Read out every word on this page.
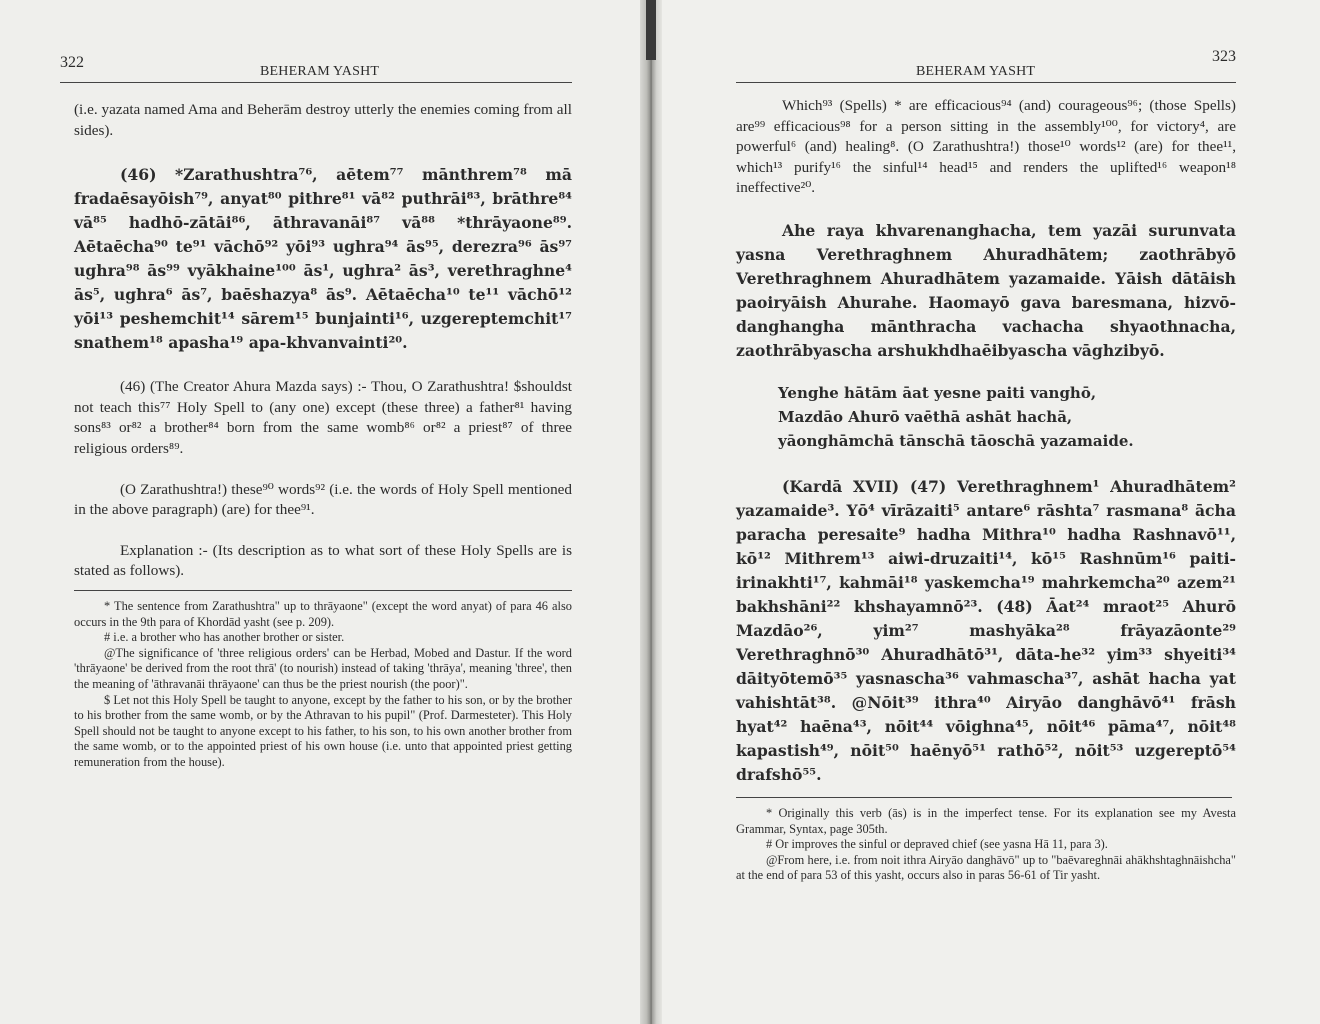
322
BEHERAM YASHT

(i.e. yazata named Ama and Beherām destroy utterly the enemies coming from all sides).

(46) *Zarathushtra⁷⁶, aētem⁷⁷ mānthrem⁷⁸ mā fradaēsayōish⁷⁹, anyat⁸⁰ pithre⁸¹ vā⁸² puthrāi⁸³, brāthre⁸⁴ vā⁸⁵ hadhō-zātāi⁸⁶, āthravanāi⁸⁷ vā⁸⁸ *thrāyaone⁸⁹. Aētaēcha⁹⁰ te⁹¹ vāchō⁹² yōi⁹³ ughra⁹⁴ ās⁹⁵, derezra⁹⁶ ās⁹⁷ ughra⁹⁸ ās⁹⁹ vyākhaine¹⁰⁰ ās¹, ughra² ās³, verethraghne⁴ ās⁵, ughra⁶ ās⁷, baēshazya⁸ ās⁹. Aētaēcha¹⁰ te¹¹ vāchō¹² yōi¹³ peshemchit¹⁴ sārem¹⁵ bunjainti¹⁶, uzgereptemchit¹⁷ snathem¹⁸ apasha¹⁹ apa-khvanvainti²⁰.

(46) (The Creator Ahura Mazda says) :- Thou, O Zarathushtra! $shouldst not teach this⁷⁷ Holy Spell to (any one) except (these three) a father⁸¹ having sons⁸³ or⁸² a brother⁸⁴ born from the same womb⁸⁶ or⁸² a priest⁸⁷ of three religious orders⁸⁹.

(O Zarathushtra!) these⁹⁰ words⁹² (i.e. the words of Holy Spell mentioned in the above paragraph) (are) for thee⁹¹.

Explanation :- (Its description as to what sort of these Holy Spells are is stated as follows).

* The sentence from Zarathushtra" up to thrāyaone" (except the word anyat) of para 46 also occurs in the 9th para of Khordād yasht (see p. 209).

# i.e. a brother who has another brother or sister.

@The significance of 'three religious orders' can be Herbad, Mobed and Dastur. If the word 'thrāyaone' be derived from the root thrā' (to nourish) instead of taking 'thrāya', meaning 'three', then the meaning of 'āthravanāi thrāyaone' can thus be the priest nourish (the poor)".

$ Let not this Holy Spell be taught to anyone, except by the father to his son, or by the brother to his brother from the same womb, or by the Athravan to his pupil" (Prof. Darmesteter). This Holy Spell should not be taught to anyone except to his father, to his son, to his own another brother from the same womb, or to the appointed priest of his own house (i.e. unto that appointed priest getting remuneration from the house).

BEHERAM YASHT
323

Which⁹³ (Spells) * are efficacious⁹⁴ (and) courageous⁹⁶; (those Spells) are⁹⁹ efficacious⁹⁸ for a person sitting in the assembly¹⁰⁰, for victory⁴, are powerful⁶ (and) healing⁸. (O Zarathushtra!) those¹⁰ words¹² (are) for thee¹¹, which¹³ purify¹⁶ the sinful¹⁴ head¹⁵ and renders the uplifted¹⁶ weapon¹⁸ ineffective²⁰.

Ahe raya khvarenanghacha, tem yazāi surunvata yasna Verethraghnem Ahuradhātem; zaothrābyō Verethraghnem Ahuradhātem yazamaide. Yāish dātāish paoiryāish Ahurahe. Haomayō gava baresmana, hizvō-danghangha mānthracha vachacha shyaothnacha, zaothrābyascha arshukhdhaēibyascha vāghzibyō.

Yenghe hātām āat yesne paiti vanghō,
Mazdāo Ahurō vaēthā ashāt hachā,
yāonghāmchā tānschā tāoschā yazamaide.

(Kardā XVII) (47) Verethraghnem¹ Ahuradhātem² yazamaide³. Yō⁴ vīrāzaiti⁵ antare⁶ rāshta⁷ rasmana⁸ ācha paracha peresaite⁹ hadha Mithra¹⁰ hadha Rashnavō¹¹, kō¹² Mithrem¹³ aiwi-druzaiti¹⁴, kō¹⁵ Rashnūm¹⁶ paiti-irinakhti¹⁷, kahmāi¹⁸ yaskemcha¹⁹ mahrkemcha²⁰ azem²¹ bakhshāni²² khshayamnō²³. (48) Āat²⁴ mraot²⁵ Ahurō Mazdāo²⁶, yim²⁷ mashyāka²⁸ frāyazāonte²⁹ Verethraghnō³⁰ Ahuradhātō³¹, dāta-he³² yim³³ shyeiti³⁴ dāityōtemō³⁵ yasnascha³⁶ vahmascha³⁷, ashāt hacha yat vahishtāt³⁸. @Nōit³⁹ ithra⁴⁰ Airyāo danghāvō⁴¹ frāsh hyat⁴² haēna⁴³, nōit⁴⁴ vōighna⁴⁵, nōit⁴⁶ pāma⁴⁷, nōit⁴⁸ kapastish⁴⁹, nōit⁵⁰ haēnyō⁵¹ rathō⁵², nōit⁵³ uzgereptō⁵⁴ drafshō⁵⁵.

* Originally this verb (ās) is in the imperfect tense. For its explanation see my Avesta Grammar, Syntax, page 305th.

# Or improves the sinful or depraved chief (see yasna Hā 11, para 3).

@From here, i.e. from noit ithra Airyāo danghāvō" up to "baēvareghnāi ahākhshtaghnāishcha" at the end of para 53 of this yasht, occurs also in paras 56-61 of Tir yasht.
